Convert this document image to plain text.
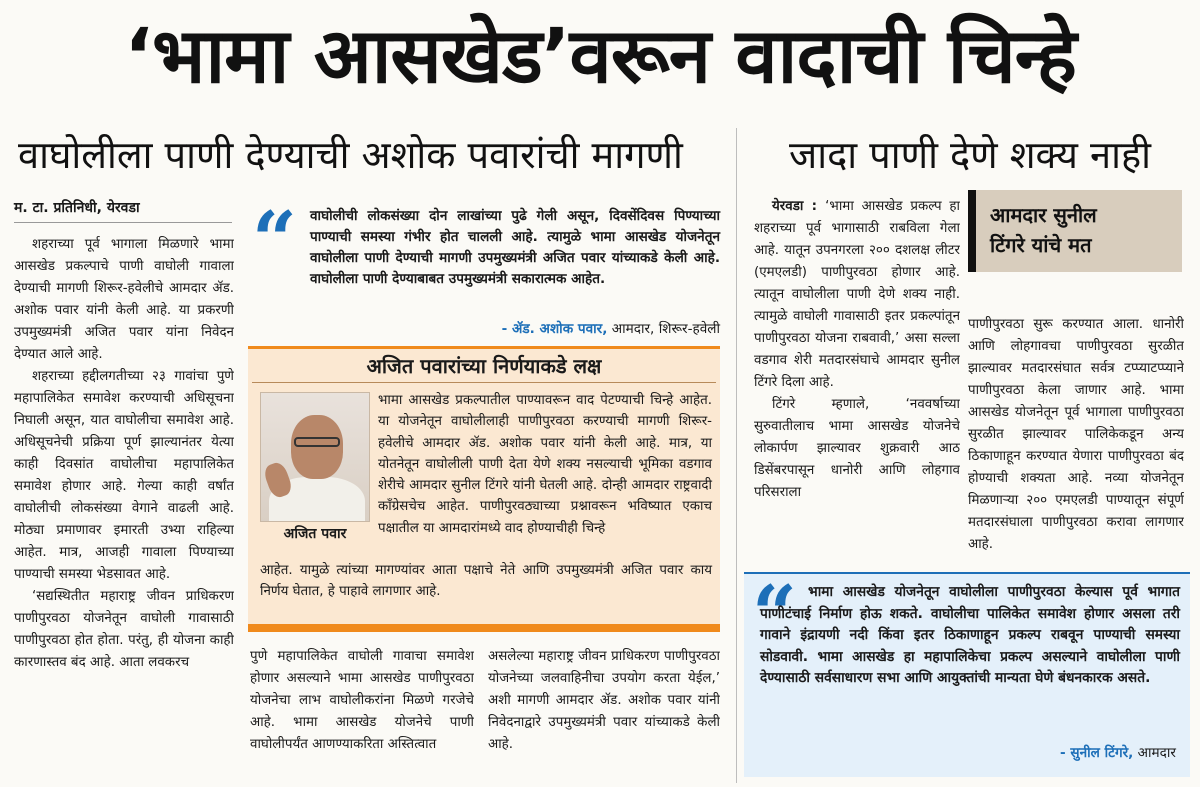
‘भामा आसखेड’वरून वादाची चिन्हे
वाघोलीला पाणी देण्याची अशोक पवारांची मागणी	जादा पाणी देणे शक्य नाही
म. टा. प्रतिनिधी, येरवडा

शहराच्या पूर्व भागाला मिळणारे भामा आसखेड प्रकल्पाचे पाणी वाघोली गावाला देण्याची मागणी शिरूर-हवेलीचे आमदार ॲड. अशोक पवार यांनी केली आहे. या प्रकरणी उपमुख्यमंत्री अजित पवार यांना निवेदन देण्यात आले आहे.

शहराच्या हद्दीलगतीच्या २३ गावांचा पुणे महापालिकेत समावेश करण्याची अधिसूचना निघाली असून, यात वाघोलीचा समावेश आहे. अधिसूचनेची प्रक्रिया पूर्ण झाल्यानंतर येत्या काही दिवसांत वाघोलीचा महापालिकेत समावेश होणार आहे. गेल्या काही वर्षांत वाघोलीची लोकसंख्या वेगाने वाढली आहे. मोठ्या प्रमाणावर इमारती उभ्या राहिल्या आहेत. मात्र, आजही गावाला पिण्याच्या पाण्याची समस्या भेडसावत आहे.

‘सद्यस्थितीत महाराष्ट्र जीवन प्राधिकरण पाणीपुरवठा योजनेतून वाघोली गावासाठी पाणीपुरवठा होत होता. परंतु, ही योजना काही कारणास्तव बंद आहे. आता लवकरच

“ वाघोलीची लोकसंख्या दोन लाखांच्या पुढे गेली असून, दिवसेंदिवस पिण्याच्या पाण्याची समस्या गंभीर होत चालली आहे. त्यामुळे भामा आसखेड योजनेतून वाघोलीला पाणी देण्याची मागणी उपमुख्यमंत्री अजित पवार यांच्याकडे केली आहे. वाघोलीला पाणी देण्याबाबत उपमुख्यमंत्री सकारात्मक आहेत.
- ॲड. अशोक पवार, आमदार, शिरूर-हवेली
अजित पवारांच्या निर्णयाकडे लक्ष
अजित पवार
भामा आसखेड प्रकल्पातील पाण्यावरून वाद पेटण्याची चिन्हे आहेत. या योजनेतून वाघोलीलाही पाणीपुरवठा करण्याची मागणी शिरूर-हवेलीचे आमदार ॲड. अशोक पवार यांनी केली आहे. मात्र, या योतनेतून वाघोलीली पाणी देता येणे शक्य नसल्याची भूमिका वडगाव शेरीचे आमदार सुनील टिंगरे यांनी घेतली आहे. दोन्ही आमदार राष्ट्रवादी काँग्रेसचेच आहेत. पाणीपुरवठ्याच्या प्रश्नावरून भविष्यात एकाच पक्षातील या आमदारांमध्ये वाद होण्याचीही चिन्हे
आहेत. यामुळे त्यांच्या मागण्यांवर आता पक्षाचे नेते आणि उपमुख्यमंत्री अजित पवार काय निर्णय घेतात, हे पाहावे लागणार आहे.

पुणे महापालिकेत वाघोली गावाचा समावेश होणार असल्याने भामा आसखेड पाणीपुरवठा योजनेचा लाभ वाघोलीकरांना मिळणे गरजेचे आहे. भामा आसखेड योजनेचे पाणी वाघोलीपर्यंत आणण्याकरिता अस्तित्वात

असलेल्या महाराष्ट्र जीवन प्राधिकरण पाणीपुरवठा योजनेच्या जलवाहिनीचा उपयोग करता येईल,’ अशी मागणी आमदार ॲड. अशोक पवार यांनी निवेदनाद्वारे उपमुख्यमंत्री पवार यांच्याकडे केली आहे.

येरवडा : ‘भामा आसखेड प्रकल्प हा शहराच्या पूर्व भागासाठी राबविला गेला आहे. यातून उपनगरला २०० दशलक्ष लीटर (एमएलडी) पाणीपुरवठा होणार आहे. त्यातून वाघोलीला पाणी देणे शक्य नाही. त्यामुळे वाघोली गावासाठी इतर प्रकल्पांतून पाणीपुरवठा योजना राबवावी,’ असा सल्ला वडगाव शेरी मतदारसंघाचे आमदार सुनील टिंगरे दिला आहे.

टिंगरे म्हणाले, ‘नववर्षाच्या सुरुवातीलाच भामा आसखेड योजनेचे लोकार्पण झाल्यावर शुक्रवारी आठ डिसेंबरपासून धानोरी आणि लोहगाव परिसराला

आमदार सुनील
टिंगरे यांचे मत

पाणीपुरवठा सुरू करण्यात आला. धानोरी आणि लोहगावचा पाणीपुरवठा सुरळीत झाल्यावर मतदारसंघात सर्वत्र टप्प्याटप्प्याने पाणीपुरवठा केला जाणार आहे. भामा आसखेड योजनेतून पूर्व भागाला पाणीपुरवठा सुरळीत झाल्यावर पालिकेकडून अन्य ठिकाणाहून करण्यात येणारा पाणीपुरवठा बंद होण्याची शक्यता आहे. नव्या योजनेतून मिळणाऱ्या २०० एमएलडी पाण्यातून संपूर्ण मतदारसंघाला पाणीपुरवठा करावा लागणार आहे.

“ भामा आसखेड योजनेतून वाघोलीला पाणीपुरवठा केल्यास पूर्व भागात पाणीटंचाई निर्माण होऊ शकते. वाघोलीचा पालिकेत समावेश होणार असला तरी गावाने इंद्रायणी नदी किंवा इतर ठिकाणाहून प्रकल्प राबवून पाण्याची समस्या सोडवावी. भामा आसखेड हा महापालिकेचा प्रकल्प असल्याने वाघोलीला पाणी देण्यासाठी सर्वसाधारण सभा आणि आयुक्तांची मान्यता घेणे बंधनकारक असते.
- सुनील टिंगरे, आमदार
